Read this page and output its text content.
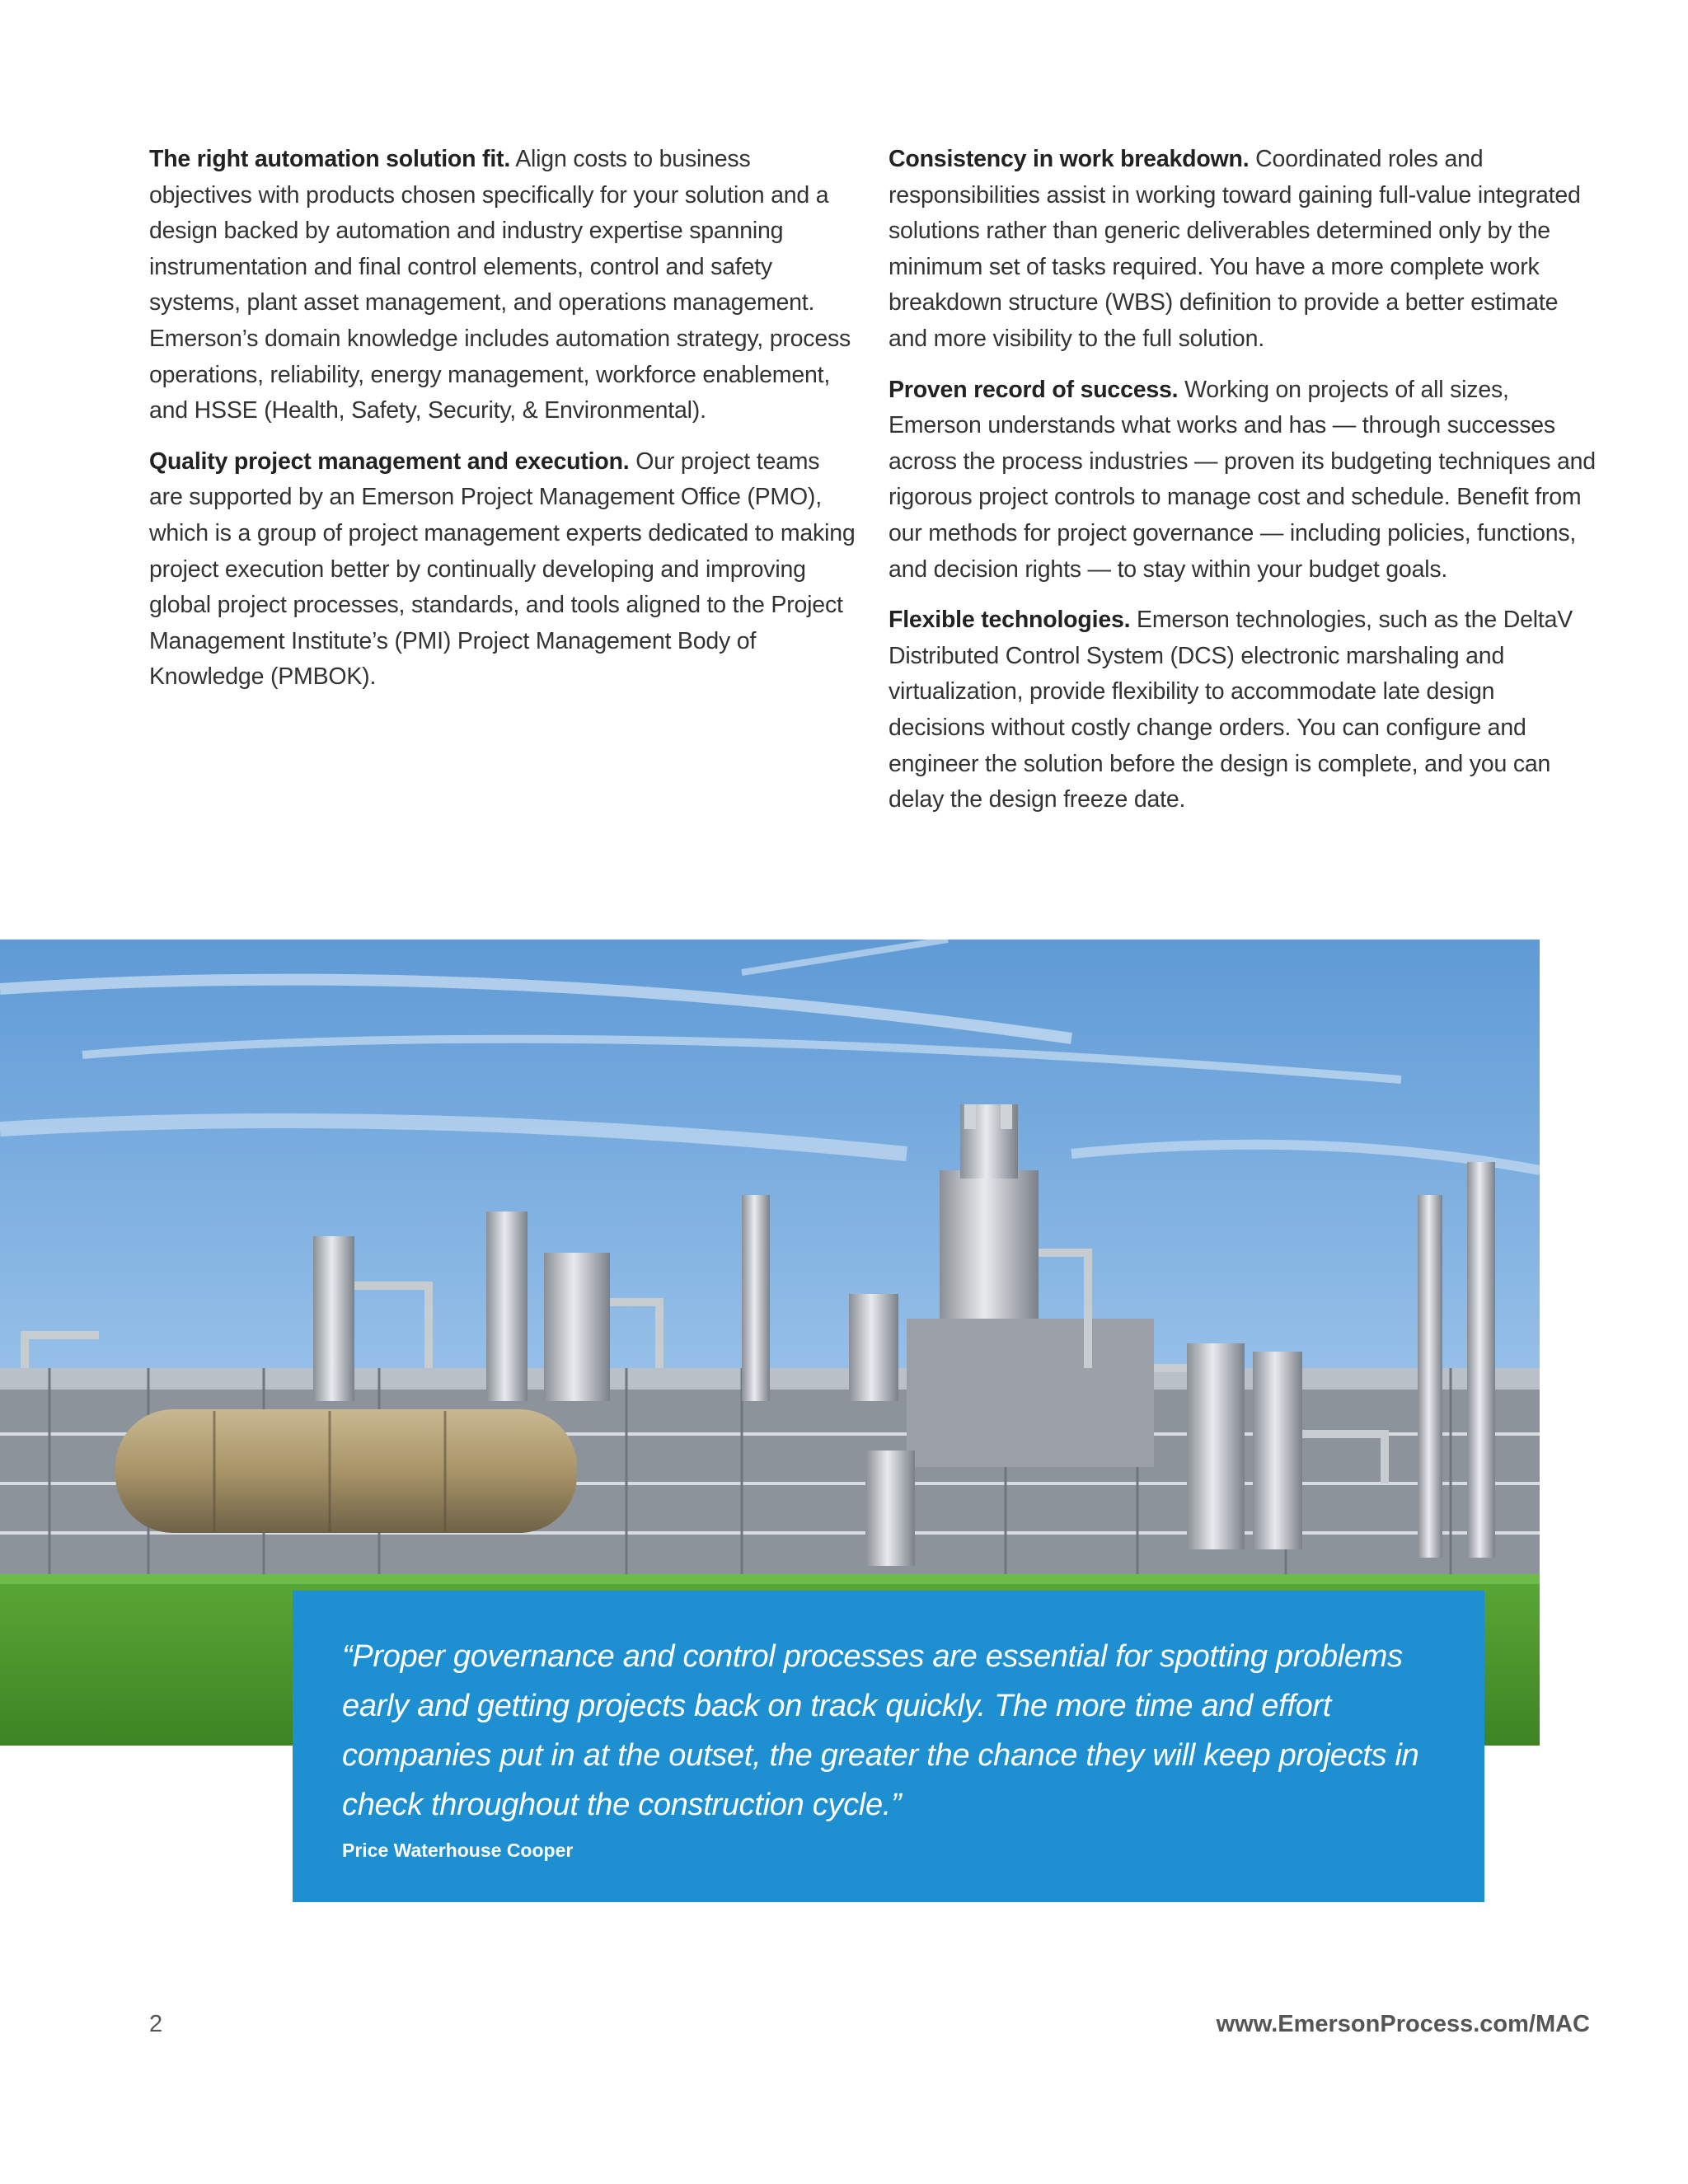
The right automation solution fit. Align costs to business objectives with products chosen specifically for your solution and a design backed by automation and industry expertise spanning instrumentation and final control elements, control and safety systems, plant asset management, and operations management. Emerson’s domain knowledge includes automation strategy, process operations, reliability, energy management, workforce enablement, and HSSE (Health, Safety, Security, & Environmental).

Quality project management and execution. Our project teams are supported by an Emerson Project Management Office (PMO), which is a group of project management experts dedicated to making project execution better by continually developing and improving global project processes, standards, and tools aligned to the Project Management Institute’s (PMI) Project Management Body of Knowledge (PMBOK).

Consistency in work breakdown. Coordinated roles and responsibilities assist in working toward gaining full-value integrated solutions rather than generic deliverables determined only by the minimum set of tasks required. You have a more complete work breakdown structure (WBS) definition to provide a better estimate and more visibility to the full solution.

Proven record of success. Working on projects of all sizes, Emerson understands what works and has — through successes across the process industries — proven its budgeting techniques and rigorous project controls to manage cost and schedule. Benefit from our methods for project governance — including policies, functions, and decision rights — to stay within your budget goals.

Flexible technologies. Emerson technologies, such as the DeltaV Distributed Control System (DCS) electronic marshaling and virtualization, provide flexibility to accommodate late design decisions without costly change orders. You can configure and engineer the solution before the design is complete, and you can delay the design freeze date.

“Proper governance and control processes are essential for spotting problems early and getting projects back on track quickly. The more time and effort companies put in at the outset, the greater the chance they will keep projects in check throughout the construction cycle.”

Price Waterhouse Cooper
2	www.EmersonProcess.com/MAC
